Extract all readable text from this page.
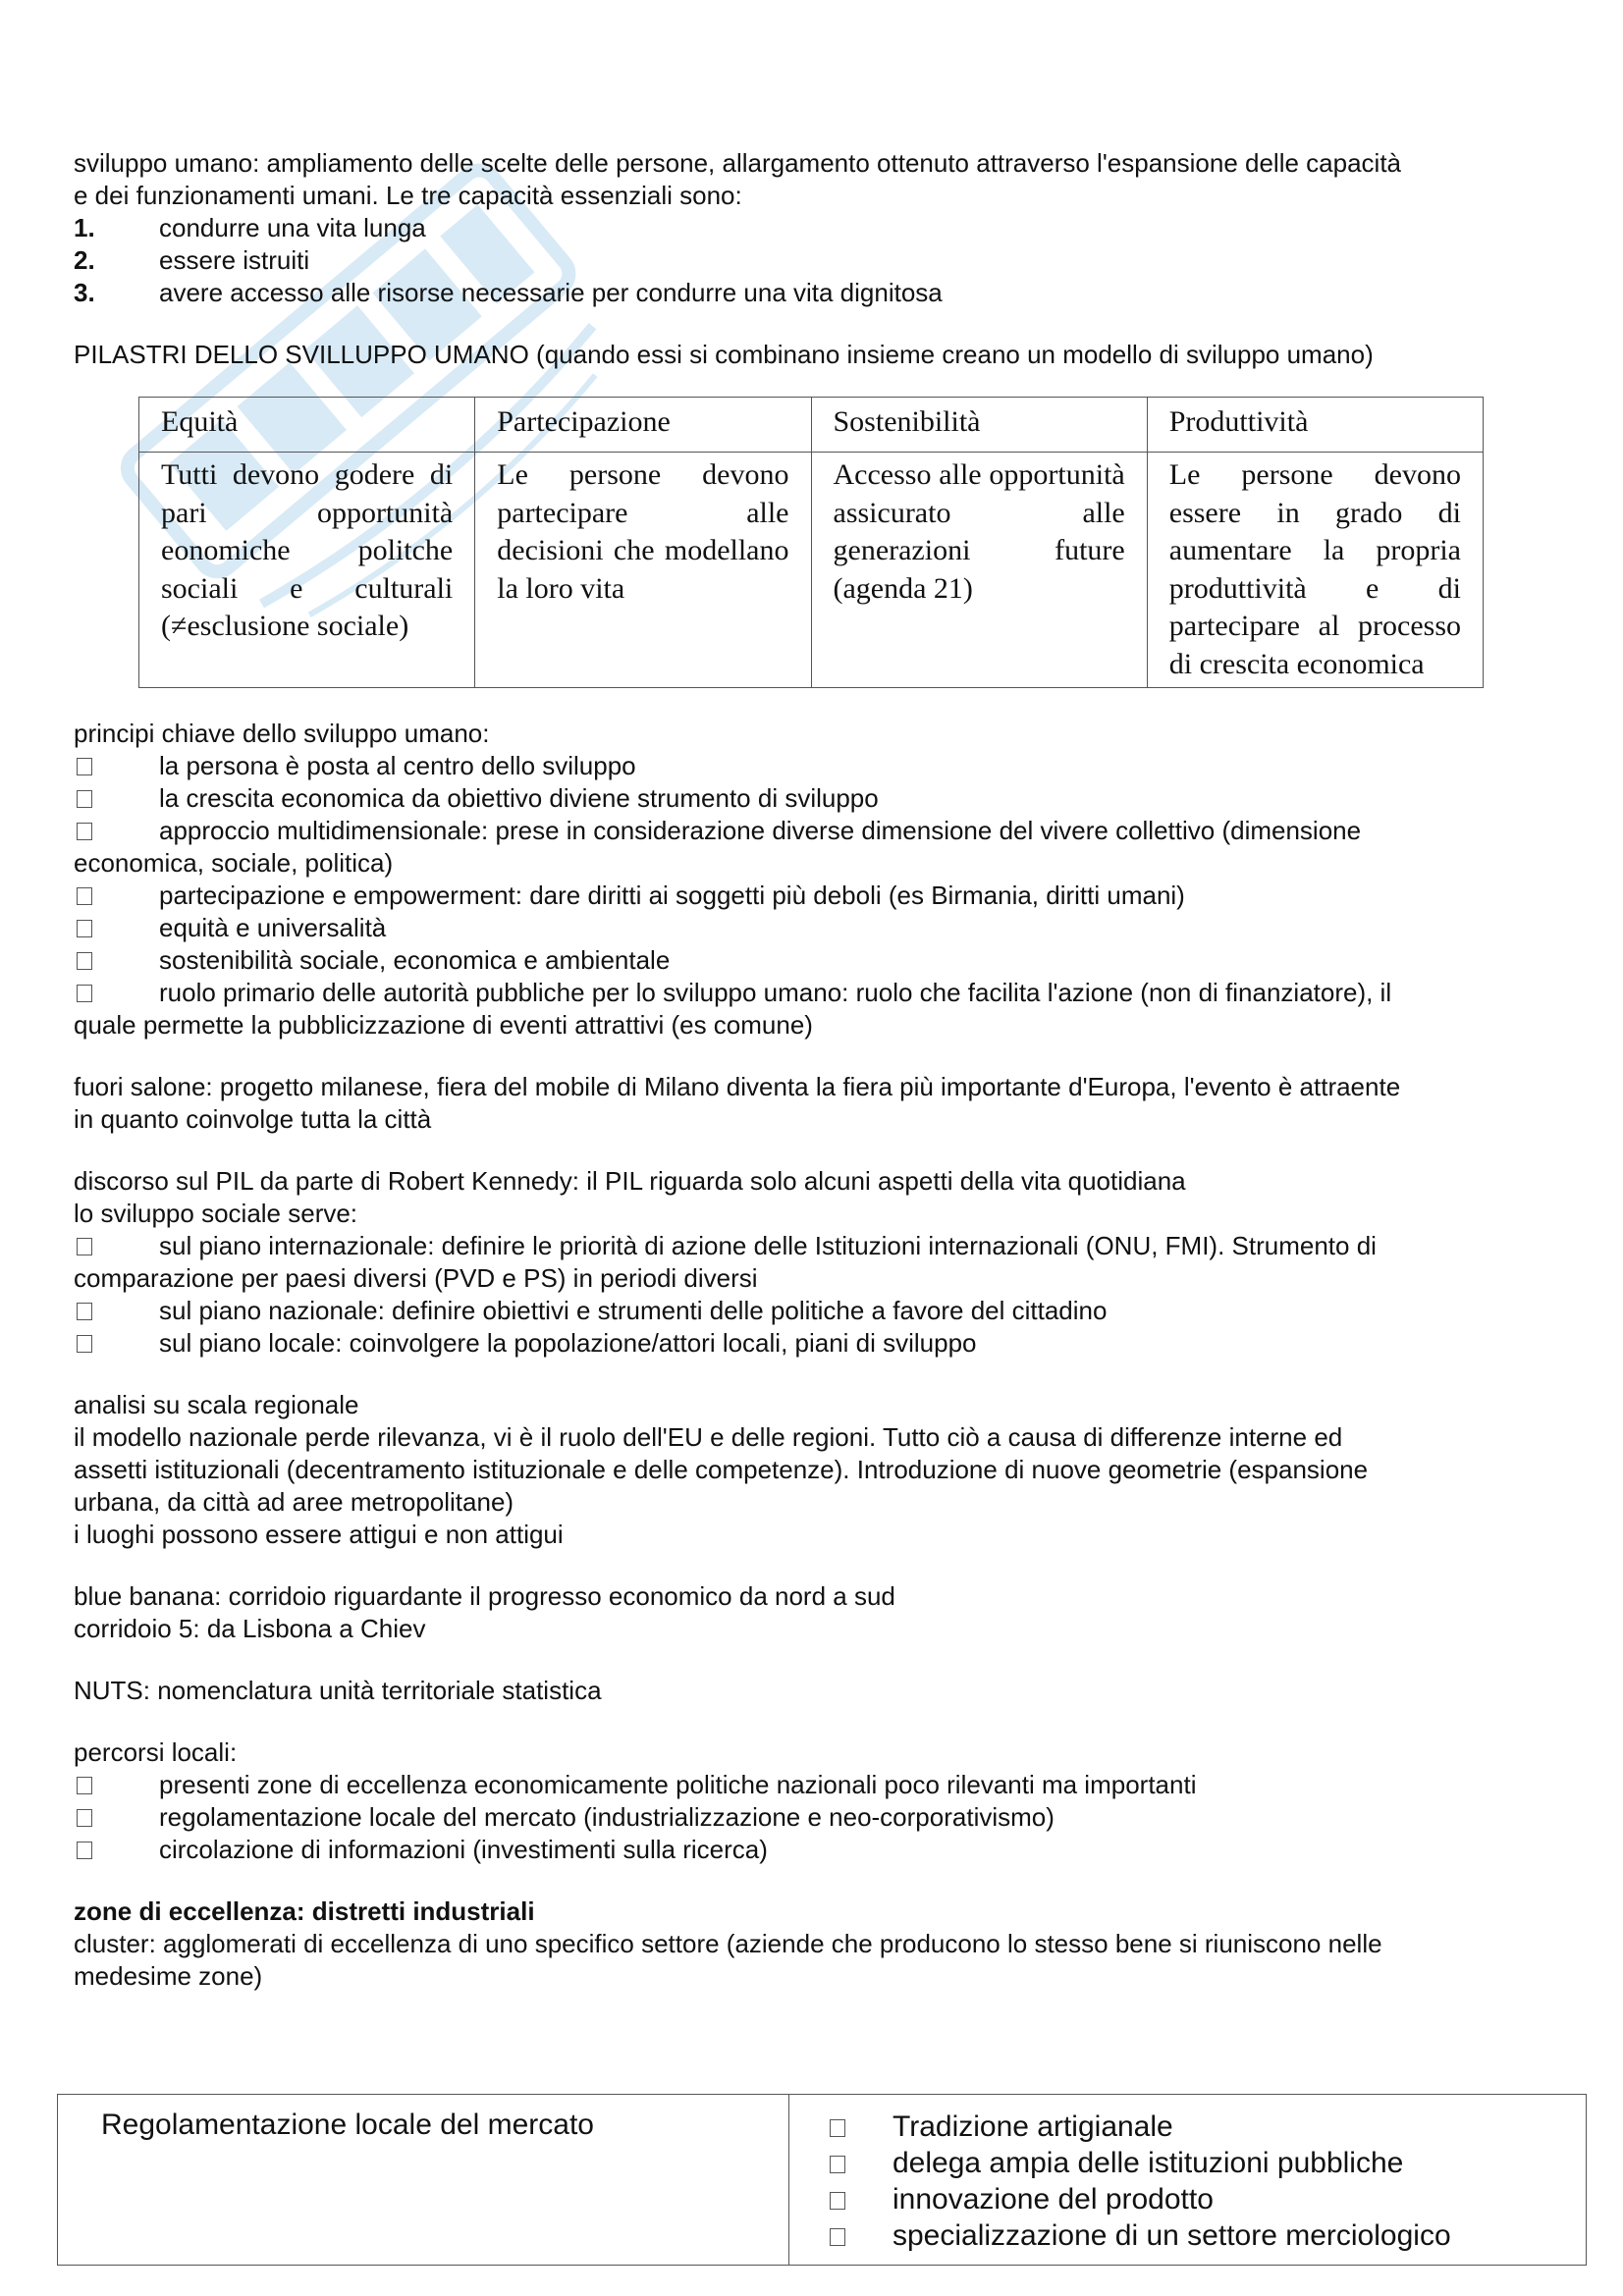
sviluppo umano: ampliamento delle scelte delle persone, allargamento ottenuto attraverso l'espansione delle capacità

e dei funzionamenti umani. Le tre capacità essenziali sono:

1.	condurre una vita lunga
2.	essere istruiti
3.	avere accesso alle risorse necessarie per condurre una vita dignitosa

PILASTRI DELLO SVILLUPPO UMANO (quando essi si combinano insieme creano un modello di sviluppo umano)

Equità	Partecipazione	Sostenibilità	Produttività
Tutti devono godere di pari opportunità eonomiche politche sociali e culturali (≠esclusione sociale)	Le persone devono partecipare alle decisioni che modellano la loro vita	Accesso alle opportunità assicurato alle generazioni future (agenda 21)	Le persone devono essere in grado di aumentare la propria produttività e di partecipare al processo di crescita economica

principi chiave dello sviluppo umano:

la persona è posta al centro dello sviluppo
la crescita economica da obiettivo diviene strumento di sviluppo
approccio multidimensionale: prese in considerazione diverse dimensione del vivere collettivo (dimensione

economica, sociale, politica)

partecipazione e empowerment: dare diritti ai soggetti più deboli (es Birmania, diritti umani)
equità e universalità
sostenibilità sociale, economica e ambientale
ruolo primario delle autorità pubbliche per lo sviluppo umano: ruolo che facilita l'azione (non di finanziatore), il

quale permette la pubblicizzazione di eventi attrattivi (es comune)

fuori salone: progetto milanese, fiera del mobile di Milano diventa la fiera più importante d'Europa, l'evento è attraente

in quanto coinvolge tutta la città

discorso sul PIL da parte di Robert Kennedy: il PIL riguarda solo alcuni aspetti della vita quotidiana

lo sviluppo sociale serve:

sul piano internazionale: definire le priorità di azione delle Istituzioni internazionali (ONU, FMI). Strumento di

comparazione per paesi diversi (PVD e PS) in periodi diversi

sul piano nazionale: definire obiettivi e strumenti delle politiche a favore del cittadino
sul piano locale: coinvolgere la popolazione/attori locali, piani di sviluppo

analisi su scala regionale

il modello nazionale perde rilevanza, vi è il ruolo dell'EU e delle regioni. Tutto ciò a causa di differenze interne ed

assetti istituzionali (decentramento istituzionale e delle competenze). Introduzione di nuove geometrie (espansione

urbana, da città ad aree metropolitane)

i luoghi possono essere attigui e non attigui

blue banana: corridoio riguardante il progresso economico da nord a sud

corridoio 5: da Lisbona a Chiev

NUTS: nomenclatura unità territoriale statistica

percorsi locali:

presenti zone di eccellenza economicamente politiche nazionali poco rilevanti ma importanti
regolamentazione locale del mercato (industrializzazione e neo-corporativismo)
circolazione di informazioni (investimenti sulla ricerca)

zone di eccellenza: distretti industriali

cluster: agglomerati di eccellenza di uno specifico settore (aziende che producono lo stesso bene si riuniscono nelle

medesime zone)

Regolamentazione locale del mercato	Tradizione artigianale
delega ampia delle istituzioni pubbliche
innovazione del prodotto
specializzazione di un settore merciologico
